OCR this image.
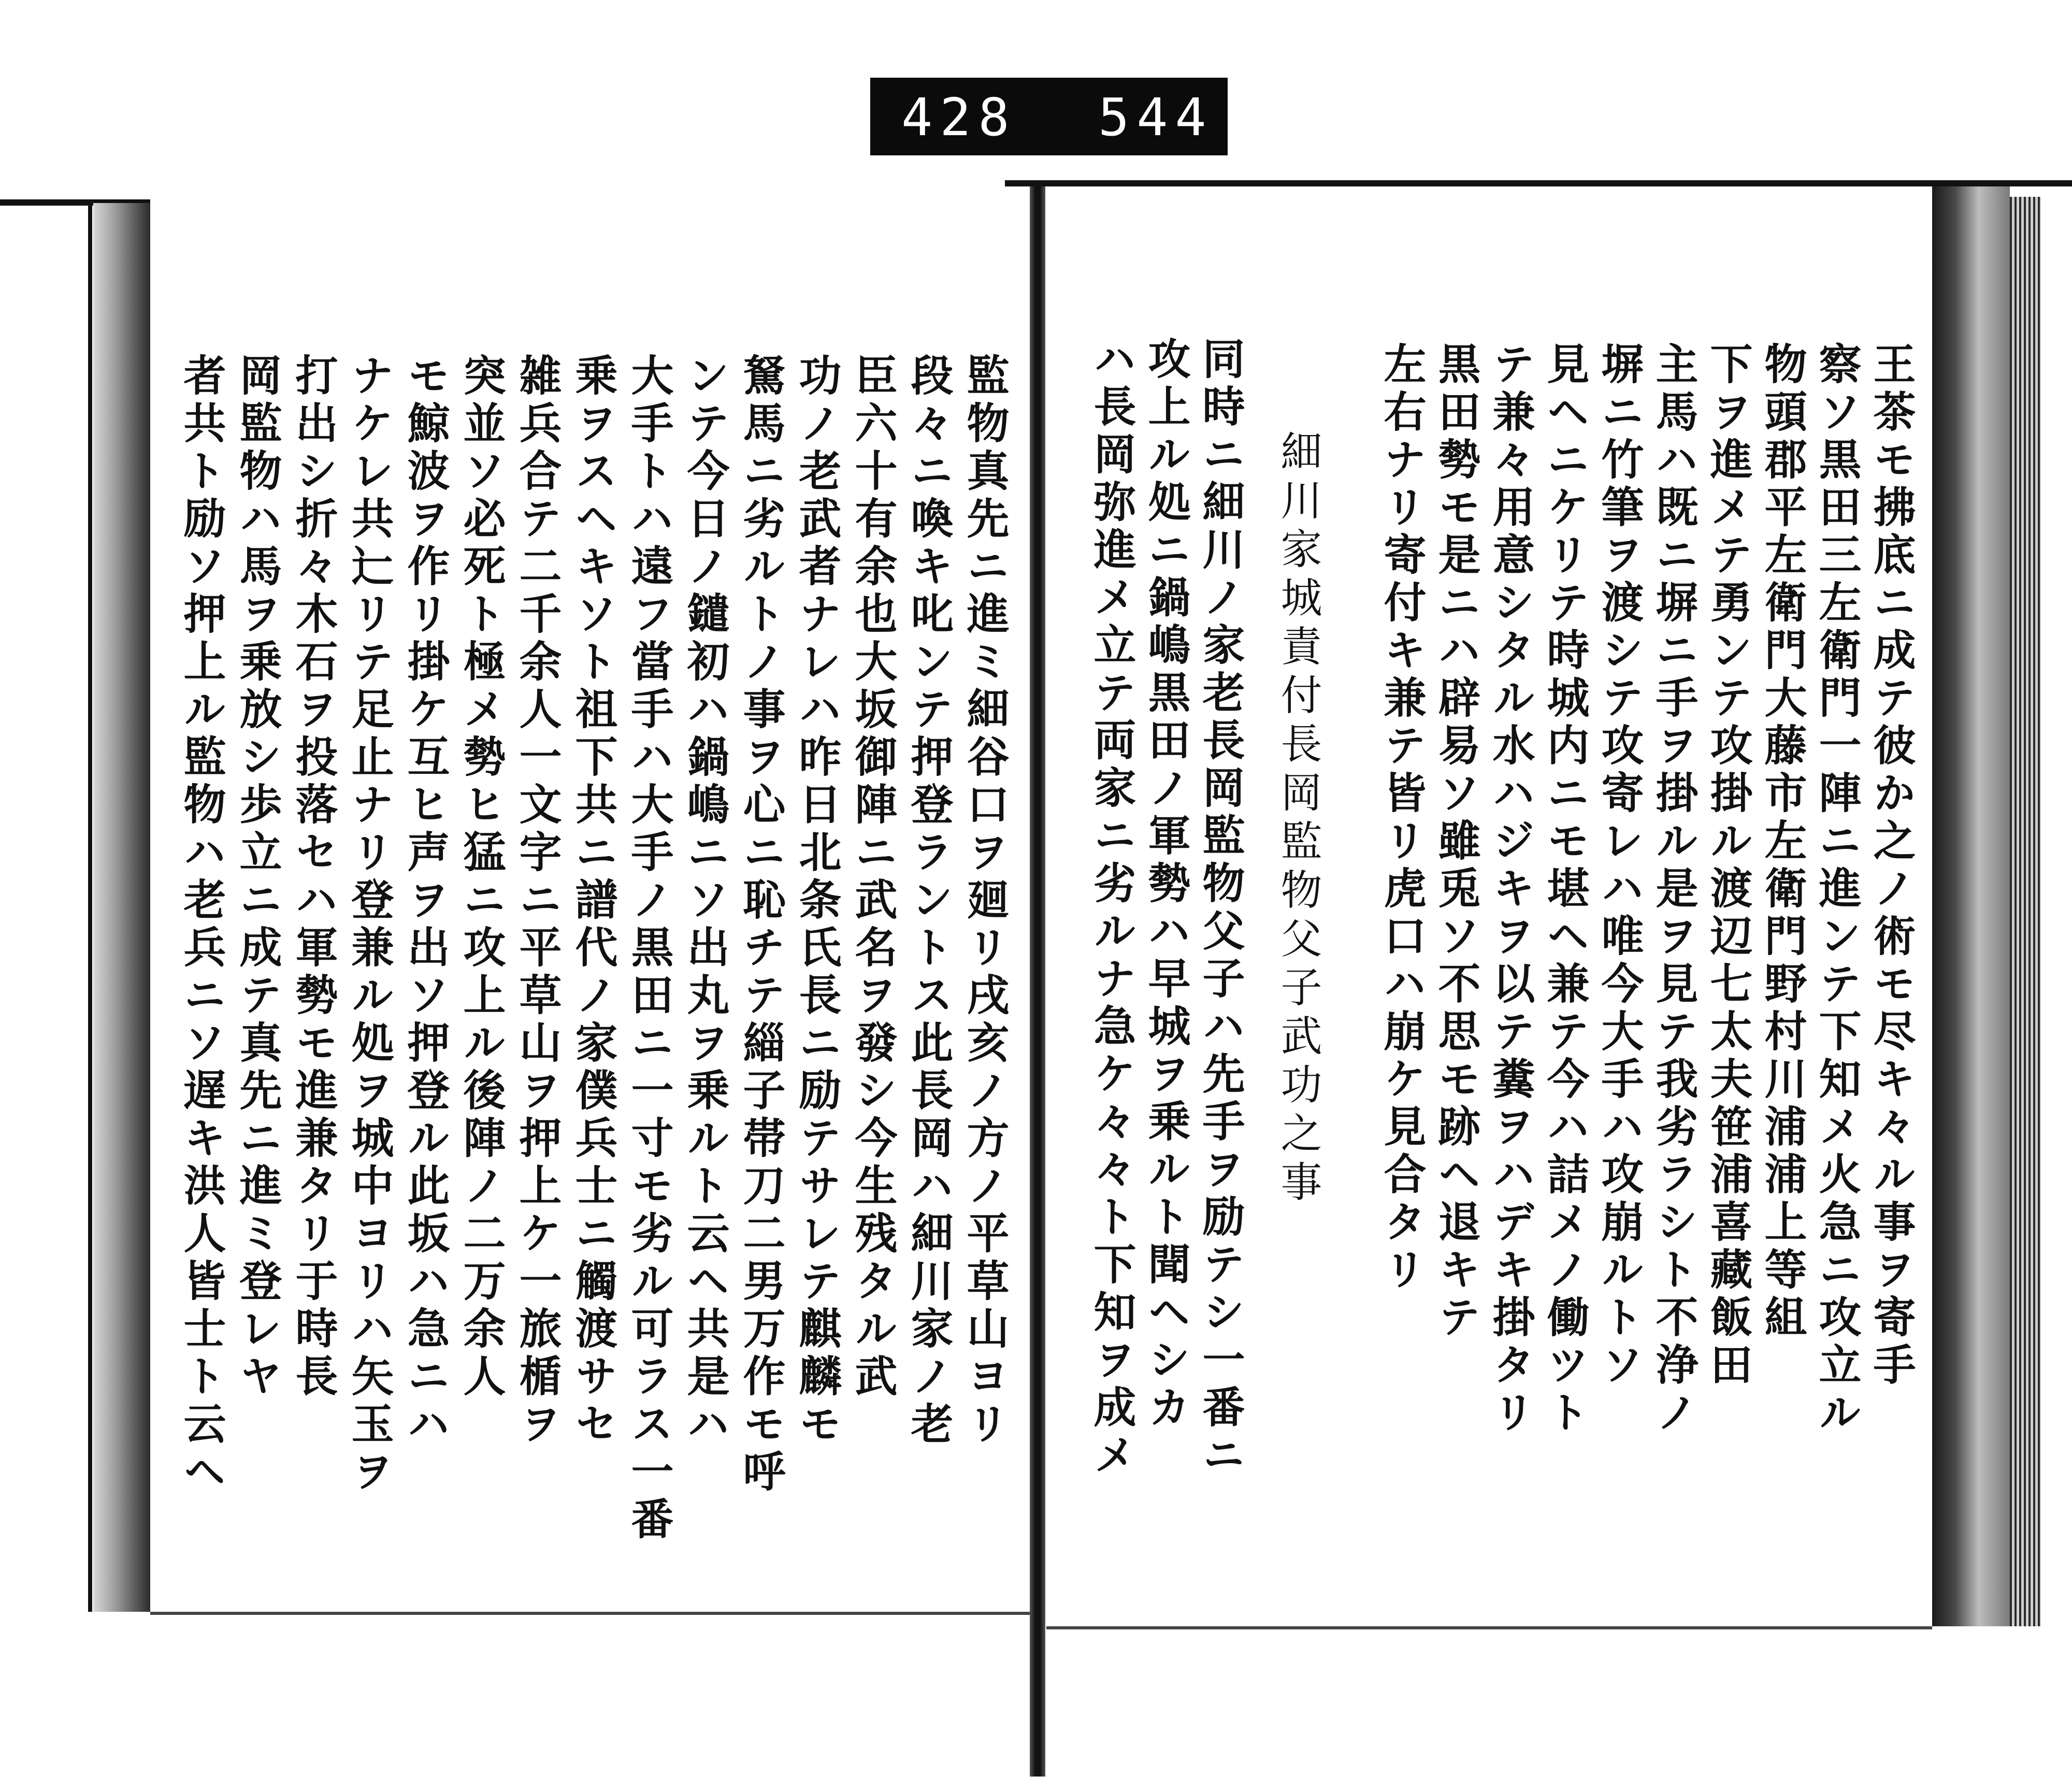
428 544
監物真先ニ進ミ細谷口ヲ廻リ戌亥ノ方ノ平草山ヨリ
段々ニ喚キ叱ンテ押登ラントス此長岡ハ細川家ノ老
臣六十有余也大坂御陣ニ武名ヲ發シ今生残タル武
功ノ老武者ナレハ昨日北条氏長ニ励テサレテ麒麟モ
駑馬ニ劣ルトノ事ヲ心ニ恥チテ緇子帯刀二男万作モ呼
ンテ今日ノ鑓初ハ鍋嶋ニソ出丸ヲ乗ルト云ヘ共是ハ
大手トハ遠フ當手ハ大手ノ黒田ニ一寸モ劣ル可ラス一番
乗ヲスヘキソト祖下共ニ譜代ノ家僕兵士ニ觸渡サセ
雑兵合テ二千余人一文字ニ平草山ヲ押上ケ一旅楯ヲ
突並ソ必死ト極メ勢ヒ猛ニ攻上ル後陣ノ二万余人
モ鯨波ヲ作リ掛ケ互ヒ声ヲ出ソ押登ル此坂ハ急ニハ
ナケレ共辷リテ足止ナリ登兼ル処ヲ城中ヨリハ矢玉ヲ
打出シ折々木石ヲ投落セハ軍勢モ進兼タリ于時長
岡監物ハ馬ヲ乗放シ歩立ニ成テ真先ニ進ミ登レヤ
者共ト励ソ押上ル監物ハ老兵ニソ遅キ洪人皆士ト云ヘ	王茶モ拂底ニ成テ彼か之ノ術モ尽キ々ル事ヲ寄手
察ソ黒田三左衛門一陣ニ進ンテ下知メ火急ニ攻立ル
物頭郡平左衛門大藤市左衛門野村川浦浦上等組
下ヲ進メテ勇ンテ攻掛ル渡辺七太夫笹浦喜藏飯田
主馬ハ既ニ塀ニ手ヲ掛ル是ヲ見テ我劣ラシト不浄ノ
塀ニ竹筆ヲ渡シテ攻寄レハ唯今大手ハ攻崩ルトソ
見ヘニケリテ時城内ニモ堪ヘ兼テ今ハ詰メノ働ツト
テ兼々用意シタル水ハジキヲ以テ糞ヲハデキ掛タリ
黒田勢モ是ニハ辟易ソ雖兎ソ不思モ跡ヘ退キテ
左右ナリ寄付キ兼テ皆リ虎口ハ崩ケ見合タリ
細川家城責付長岡監物父子武功之事
同時ニ細川ノ家老長岡監物父子ハ先手ヲ励テシ一番ニ
攻上ル処ニ鍋嶋黒田ノ軍勢ハ早城ヲ乗ルト聞ヘシカ
ハ長岡弥進メ立テ両家ニ劣ルナ急ケ々々ト下知ヲ成メ
